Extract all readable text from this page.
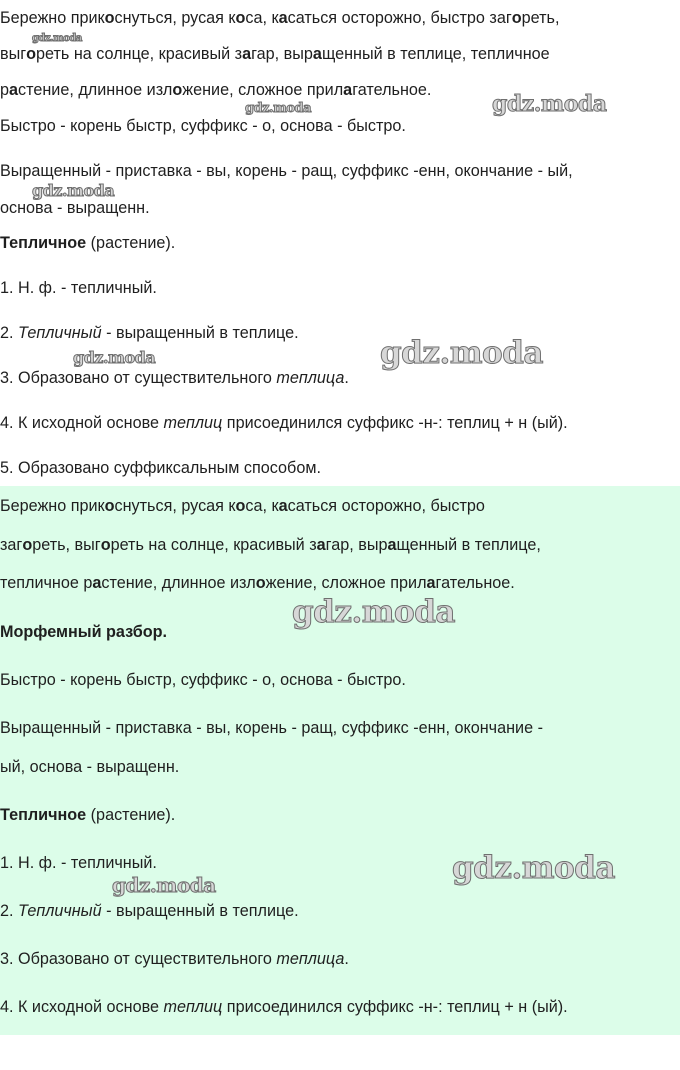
Бережно прикоснуться, русая коса, касаться осторожно, быстро загореть,
выгореть на солнце, красивый загар, выращенный в теплице, тепличное
растение, длинное изложение, сложное прилагательное.
Быстро - корень быстр, суффикс - о, основа - быстро.
Выращенный - приставка - вы, корень - ращ, суффикс -енн, окончание - ый,
основа - выращенн.
Тепличное (растение).
1. Н. ф. - тепличный.
2. Тепличный - выращенный в теплице.
3. Образовано от существительного теплица.
4. К исходной основе теплиц присоединился суффикс -н-: теплиц + н (ый).
5. Образовано суффиксальным способом.
Бережно прикоснуться, русая коса, касаться осторожно, быстро
загореть, выгореть на солнце, красивый загар, выращенный в теплице,
тепличное растение, длинное изложение, сложное прилагательное.
Морфемный разбор.
Быстро - корень быстр, суффикс - о, основа - быстро.
Выращенный - приставка - вы, корень - ращ, суффикс -енн, окончание -
ый, основа - выращенн.
Тепличное (растение).
1. Н. ф. - тепличный.
2. Тепличный - выращенный в теплице.
3. Образовано от существительного теплица.
4. К исходной основе теплиц присоединился суффикс -н-: теплиц + н (ый).
gdz.moda
gdz.moda
gdz.moda
gdz.moda
gdz.moda	gdz.moda
gdz.moda
gdz.moda
gdz.moda
